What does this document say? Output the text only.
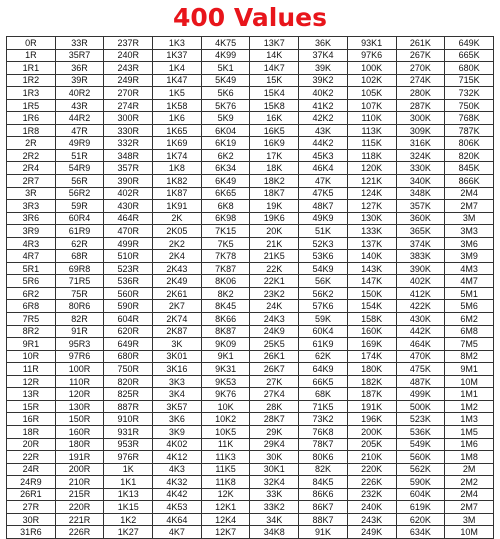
400 Values
0R	33R	237R	1K3	4K75	13K7	36K	93K1	261K	649K
1R	35R7	240R	1K37	4K99	14K	37K4	97K6	267K	665K
1R1	36R	243R	1K4	5K1	14K7	39K	100K	270K	680K
1R2	39R	249R	1K47	5K49	15K	39K2	102K	274K	715K
1R3	40R2	270R	1K5	5K6	15K4	40K2	105K	280K	732K
1R5	43R	274R	1K58	5K76	15K8	41K2	107K	287K	750K
1R6	44R2	300R	1K6	5K9	16K	42K2	110K	300K	768K
1R8	47R	330R	1K65	6K04	16K5	43K	113K	309K	787K
2R	49R9	332R	1K69	6K19	16K9	44K2	115K	316K	806K
2R2	51R	348R	1K74	6K2	17K	45K3	118K	324K	820K
2R4	54R9	357R	1K8	6K34	18K	46K4	120K	330K	845K
2R7	56R	390R	1K82	6K49	18K2	47K	121K	340K	866K
3R	56R2	402R	1K87	6K65	18K7	47K5	124K	348K	2M4
3R3	59R	430R	1K91	6K8	19K	48K7	127K	357K	2M7
3R6	60R4	464R	2K	6K98	19K6	49K9	130K	360K	3M
3R9	61R9	470R	2K05	7K15	20K	51K	133K	365K	3M3
4R3	62R	499R	2K2	7K5	21K	52K3	137K	374K	3M6
4R7	68R	510R	2K4	7K78	21K5	53K6	140K	383K	3M9
5R1	69R8	523R	2K43	7K87	22K	54K9	143K	390K	4M3
5R6	71R5	536R	2K49	8K06	22K1	56K	147K	402K	4M7
6R2	75R	560R	2K61	8K2	23K2	56K2	150K	412K	5M1
6R8	80R6	590R	2K7	8K45	24K	57K6	154K	422K	5M6
7R5	82R	604R	2K74	8K66	24K3	59K	158K	430K	6M2
8R2	91R	620R	2K87	8K87	24K9	60K4	160K	442K	6M8
9R1	95R3	649R	3K	9K09	25K5	61K9	169K	464K	7M5
10R	97R6	680R	3K01	9K1	26K1	62K	174K	470K	8M2
11R	100R	750R	3K16	9K31	26K7	64K9	180K	475K	9M1
12R	110R	820R	3K3	9K53	27K	66K5	182K	487K	10M
13R	120R	825R	3K4	9K76	27K4	68K	187K	499K	1M1
15R	130R	887R	3K57	10K	28K	71K5	191K	500K	1M2
16R	150R	910R	3K6	10K2	28K7	73K2	196K	523K	1M3
18R	160R	931R	3K9	10K5	29K	76K8	200K	536K	1M5
20R	180R	953R	4K02	11K	29K4	78K7	205K	549K	1M6
22R	191R	976R	4K12	11K3	30K	80K6	210K	560K	1M8
24R	200R	1K	4K3	11K5	30K1	82K	220K	562K	2M
24R9	210R	1K1	4K32	11K8	32K4	84K5	226K	590K	2M2
26R1	215R	1K13	4K42	12K	33K	86K6	232K	604K	2M4
27R	220R	1K15	4K53	12K1	33K2	86K7	240K	619K	2M7
30R	221R	1K2	4K64	12K4	34K	88K7	243K	620K	3M
31R6	226R	1K27	4K7	12K7	34K8	91K	249K	634K	10M
